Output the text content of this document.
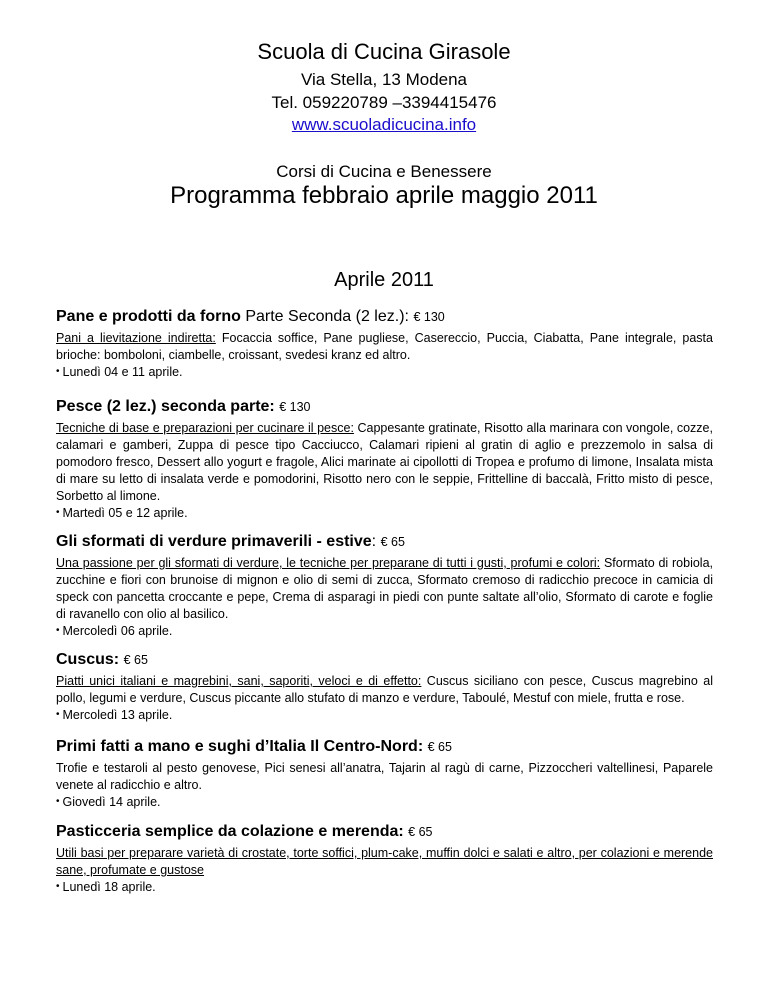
Scuola di Cucina Girasole
Via Stella, 13 Modena
Tel. 059220789 –3394415476
www.scuoladicucina.info
Corsi di Cucina e Benessere
Programma febbraio aprile maggio 2011
Aprile 2011
Pane e prodotti da forno Parte Seconda (2 lez.): € 130
Pani a lievitazione indiretta: Focaccia soffice, Pane pugliese, Casereccio, Puccia, Ciabatta, Pane integrale, pasta brioche: bomboloni, ciambelle, croissant, svedesi kranz ed altro.
• Lunedì 04 e 11 aprile.
Pesce (2 lez.) seconda parte: € 130
Tecniche di base e preparazioni per cucinare il pesce: Cappesante gratinate, Risotto alla marinara con vongole, cozze, calamari e gamberi, Zuppa di pesce tipo Cacciucco, Calamari ripieni al gratin di aglio e prezzemolo in salsa di pomodoro fresco, Dessert allo yogurt e fragole, Alici marinate ai cipollotti di Tropea e profumo di limone, Insalata mista di mare su letto di insalata verde e pomodorini, Risotto nero con le seppie, Frittelline di baccalà, Fritto misto di pesce, Sorbetto al limone.
• Martedì 05 e 12 aprile.
Gli sformati di verdure primaverili - estive: € 65
Una passione per gli sformati di verdure, le tecniche per preparane di tutti i gusti, profumi e colori: Sformato di robiola, zucchine e fiori con brunoise di mignon e olio di semi di zucca, Sformato cremoso di radicchio precoce in camicia di speck con pancetta croccante e pepe, Crema di asparagi in piedi con punte saltate all’olio, Sformato di carote e foglie di ravanello con olio al basilico.
• Mercoledì 06 aprile.
Cuscus: € 65
Piatti unici italiani e magrebini, sani, saporiti, veloci e di effetto: Cuscus siciliano con pesce, Cuscus magrebino al pollo, legumi e verdure, Cuscus piccante allo stufato di manzo e verdure, Taboulé, Mestuf con miele, frutta e rose.
• Mercoledì 13 aprile.
Primi fatti a mano e sughi d’Italia Il Centro-Nord: € 65
Trofie e testaroli al pesto genovese, Pici senesi all’anatra, Tajarin al ragù di carne, Pizzoccheri valtellinesi, Paparele venete al radicchio e altro.
• Giovedì 14 aprile.
Pasticceria semplice da colazione e merenda: € 65
Utili basi per preparare varietà di crostate, torte soffici, plum-cake, muffin dolci e salati e altro, per colazioni e merende sane, profumate e gustose
• Lunedì 18 aprile.
